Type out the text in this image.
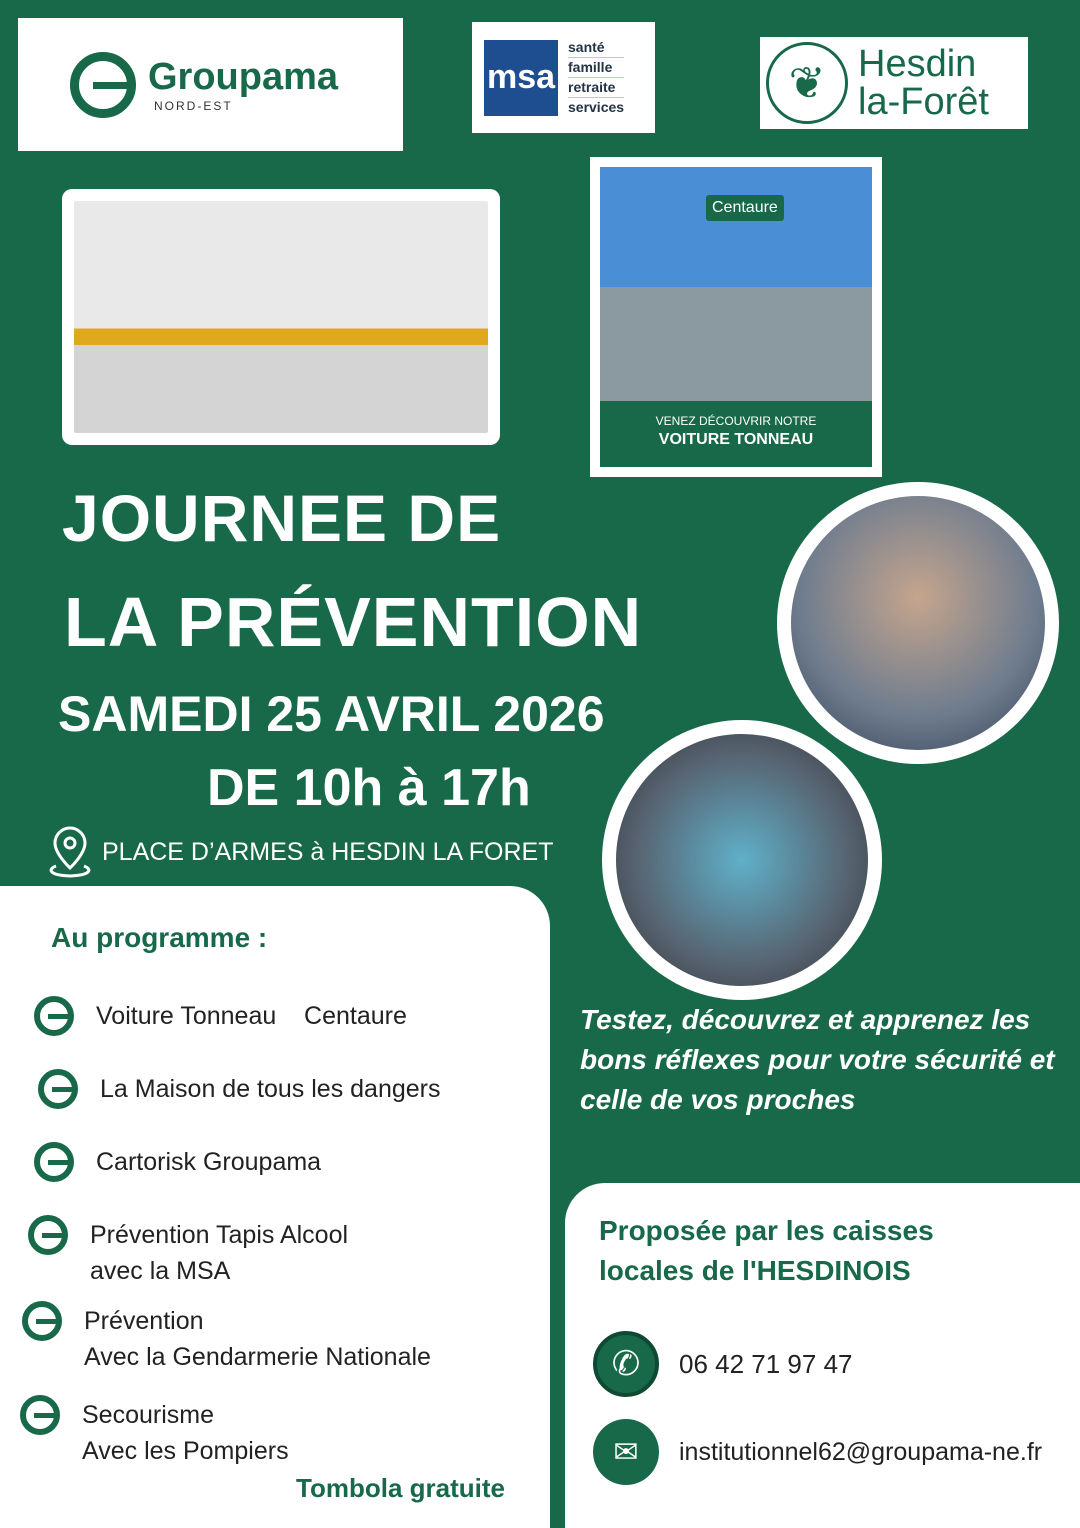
Groupama
NORD-EST
msa
santé
famille
retraite
services	❦ Hesdin
la-Forêt
Centaure
VENEZ DÉCOUVRIR NOTRE
VOITURE TONNEAU
JOURNEE DE
LA PRÉVENTION
SAMEDI 25 AVRIL 2026
DE 10h à 17h
PLACE D’ARMES à HESDIN LA FORET
Au programme :
Voiture Tonneau    Centaure
La Maison de tous les dangers
Cartorisk Groupama
Prévention Tapis Alcool
avec la MSA
Prévention
Avec la Gendarmerie Nationale
Secourisme
Avec les Pompiers
Tombola gratuite
Testez, découvrez et apprenez les bons réflexes pour votre sécurité et celle de vos proches
Proposée par les caisses locales de l'HESDINOIS
✆	06 42 71 97 47
✉	institutionnel62@groupama-ne.fr
